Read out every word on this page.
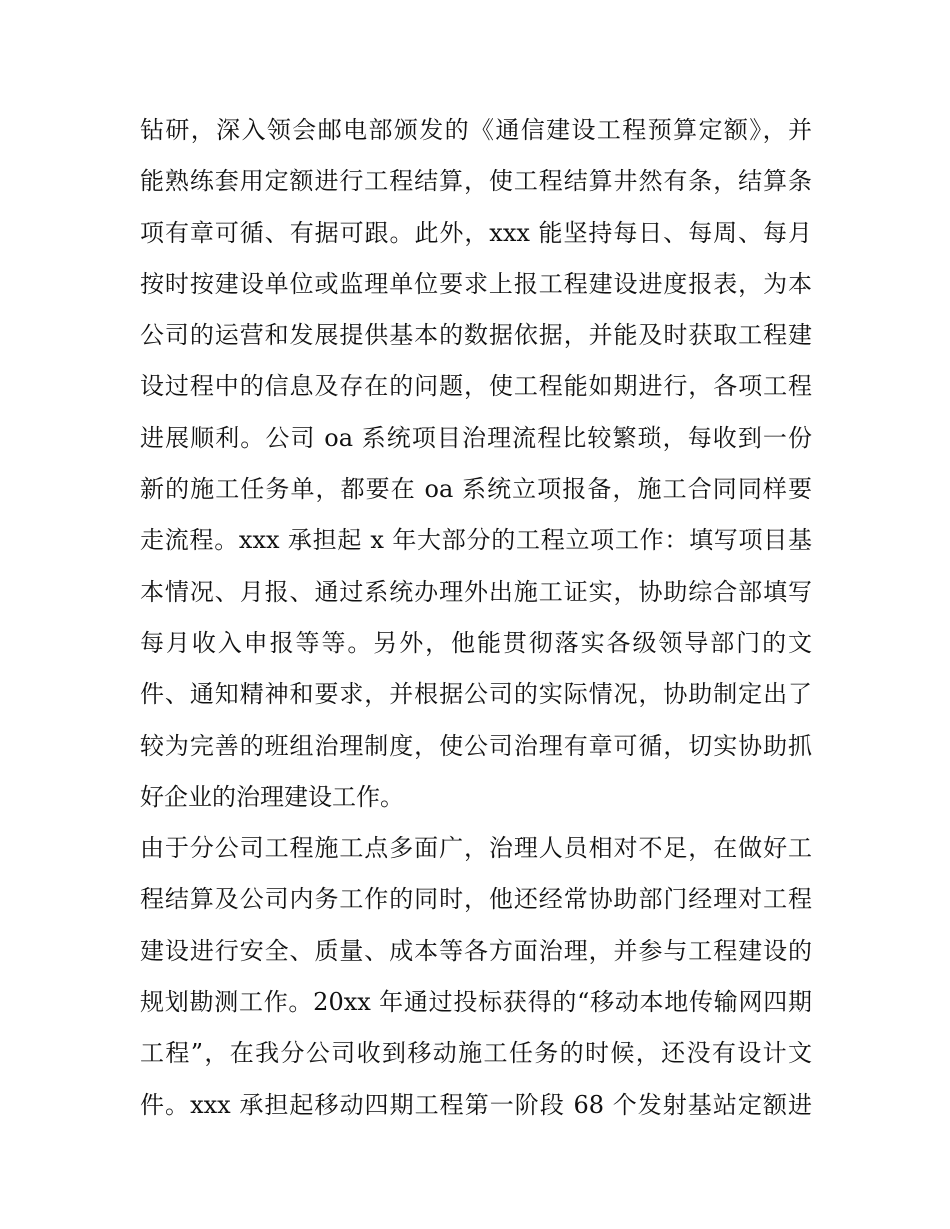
钻研，深入领会邮电部颁发的《通信建设工程预算定额》，并
能熟练套用定额进行工程结算，使工程结算井然有条，结算条
项有章可循、有据可跟。此外，xxx 能坚持每日、每周、每月
按时按建设单位或监理单位要求上报工程建设进度报表，为本
公司的运营和发展提供基本的数据依据，并能及时获取工程建
设过程中的信息及存在的问题，使工程能如期进行，各项工程
进展顺利。公司 oa 系统项目治理流程比较繁琐，每收到一份
新的施工任务单，都要在 oa 系统立项报备，施工合同同样要
走流程。xxx 承担起 x 年大部分的工程立项工作：填写项目基
本情况、月报、通过系统办理外出施工证实，协助综合部填写
每月收入申报等等。另外，他能贯彻落实各级领导部门的文
件、通知精神和要求，并根据公司的实际情况，协助制定出了
较为完善的班组治理制度，使公司治理有章可循，切实协助抓
好企业的治理建设工作。
由于分公司工程施工点多面广，治理人员相对不足，在做好工
程结算及公司内务工作的同时，他还经常协助部门经理对工程
建设进行安全、质量、成本等各方面治理，并参与工程建设的
规划勘测工作。20xx 年通过投标获得的“移动本地传输网四期
工程”，在我分公司收到移动施工任务的时候，还没有设计文
件。xxx 承担起移动四期工程第一阶段 68 个发射基站定额进
